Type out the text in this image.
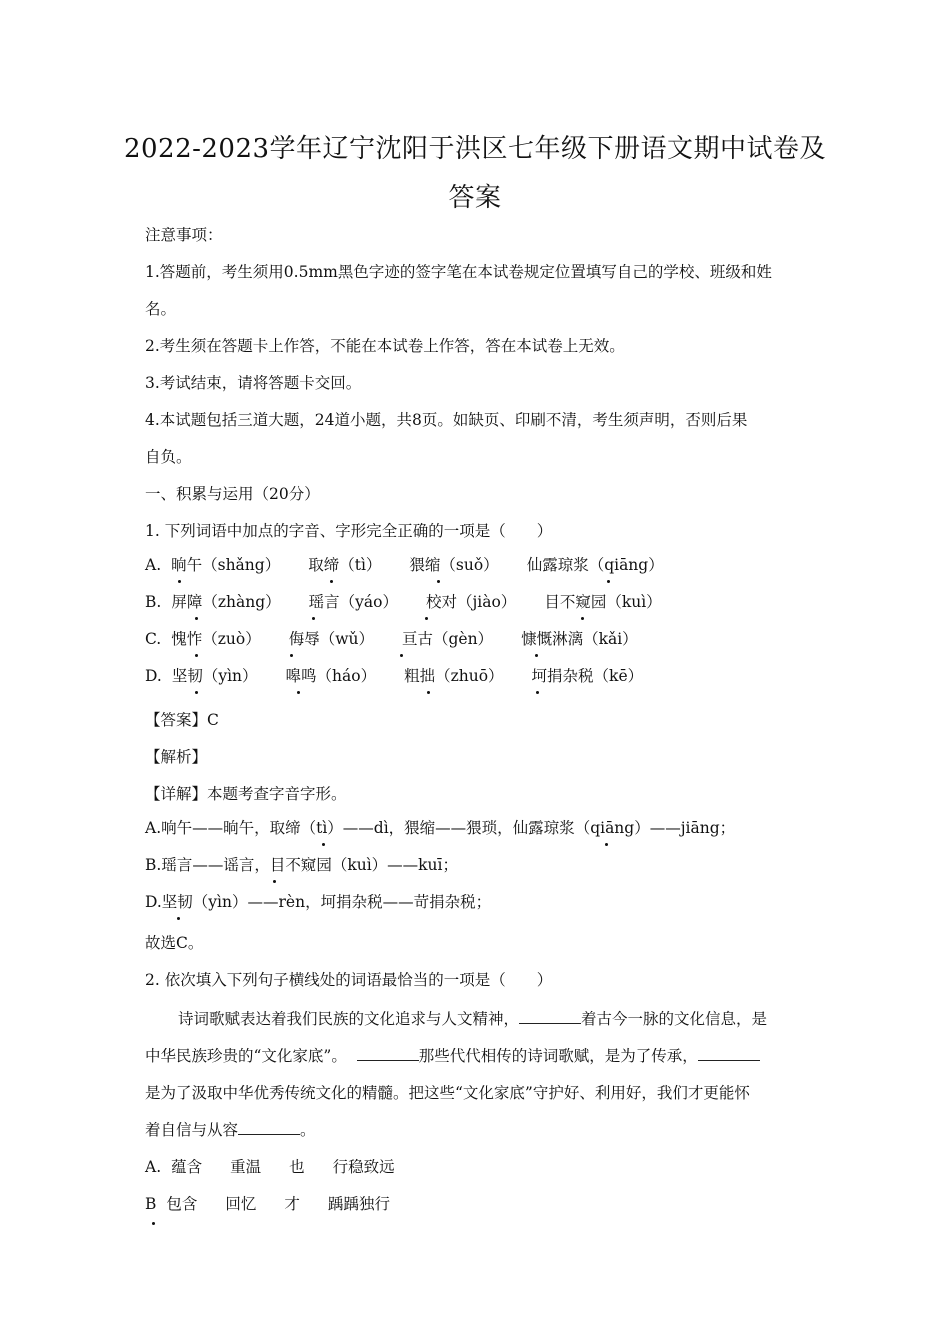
2022-2023学年辽宁沈阳于洪区七年级下册语文期中试卷及
答案
注意事项：
1.答题前，考生须用0.5mm黑色字迹的签字笔在本试卷规定位置填写自己的学校、班级和姓
名。
2.考生须在答题卡上作答，不能在本试卷上作答，答在本试卷上无效。
3.考试结束，请将答题卡交回。
4.本试题包括三道大题，24道小题，共8页。如缺页、印刷不清，考生须声明，否则后果
自负。
一、积累与运用（20分）
1. 下列词语中加点的字音、字形完全正确的一项是（　　）
A. 晌午（shǎng） 取缔（tì） 猥缩（suǒ） 仙露琼浆（qiāng）
B. 屏障（zhàng） 瑶言（yáo） 校对（jiào） 目不窥园（kuì）
C. 愧怍（zuò） 侮辱（wǔ） 亘古（gèn） 慷慨淋漓（kǎi）
D. 坚韧（yìn） 嗥鸣（háo） 粗拙（zhuō） 坷捐杂税（kē）
【答案】C
【解析】
【详解】本题考查字音字形。
A.响午——晌午，取缔（tì）——dì，猥缩——猥琐，仙露琼浆（qiāng）——jiāng；
B.瑶言——谣言，目不窥园（kuì）——kuī；
D.坚韧（yìn）——rèn，坷捐杂税——苛捐杂税；
故选C。
2. 依次填入下列句子横线处的词语最恰当的一项是（　　）
诗词歌赋表达着我们民族的文化追求与人文精神，	着古今一脉的文化信息，是
中华民族珍贵的“文化家底”。	那些代代相传的诗词歌赋，是为了传承，
是为了汲取中华优秀传统文化的精髓。把这些“文化家底”守护好、利用好，我们才更能怀
着自信与从容	。
A. 蕴含 重温 也 行稳致远
B 包含 回忆 才 踽踽独行
